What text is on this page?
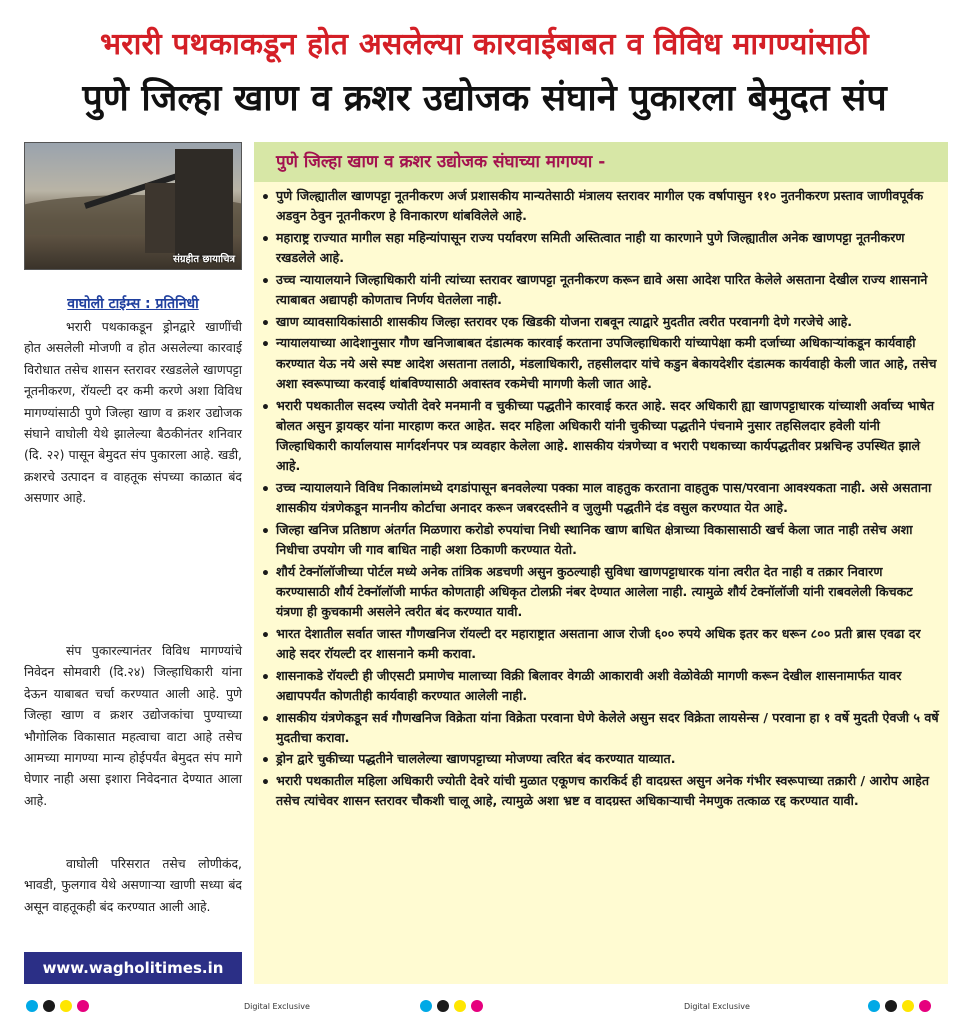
भरारी पथकाकडून होत असलेल्या कारवाईबाबत व विविध मागण्यांसाठी
पुणे जिल्हा खाण व क्रशर उद्योजक संघाने पुकारला बेमुदत संप
संग्रहीत छायाचित्र
वाघोली टाईम्स : प्रतिनिधी

भरारी पथकाकडून ड्रोनद्वारे खाणींची होत असलेली मोजणी व होत असलेल्या कारवाई विरोधात तसेच शासन स्तरावर रखडलेले खाणपट्टा नूतनीकरण, रॉयल्टी दर कमी करणे अशा विविध मागण्यांसाठी पुणे जिल्हा खाण व क्रशर उद्योजक संघाने वाघोली येथे झालेल्या बैठकीनंतर शनिवार (दि. २२) पासून बेमुदत संप पुकारला आहे. खडी, क्रशरचे उत्पादन व वाहतूक संपच्या काळात बंद असणार आहे.

संप पुकारल्यानंतर विविध मागण्यांचे निवेदन सोमवारी (दि.२४) जिल्हाधिकारी यांना देऊन याबाबत चर्चा करण्यात आली आहे. पुणे जिल्हा खाण व क्रशर उद्योजकांचा पुण्याच्या भौगोलिक विकासात महत्वाचा वाटा आहे तसेच आमच्या मागण्या मान्य होईपर्यंत बेमुदत संप मागे घेणार नाही असा इशारा निवेदनात देण्यात आला आहे.

वाघोली परिसरात तसेच लोणीकंद, भावडी, फुलगाव येथे असणाऱ्या खाणी सध्या बंद असून वाहतूकही बंद करण्यात आली आहे.

www.wagholitimes.in
पुणे जिल्हा खाण व क्रशर उद्योजक संघाच्या मागण्या -
• पुणे जिल्ह्यातील खाणपट्टा नूतनीकरण अर्ज प्रशासकीय मान्यतेसाठी मंत्रालय स्तरावर मागील एक वर्षापासुन ११० नुतनीकरण प्रस्ताव जाणीवपूर्वक अडवुन ठेवुन नूतनीकरण हे विनाकारण थांबविलेले आहे.
• महाराष्ट्र राज्यात मागील सहा महिन्यांपासून राज्य पर्यावरण समिती अस्तित्वात नाही या कारणाने पुणे जिल्ह्यातील अनेक खाणपट्टा नूतनीकरण रखडलेले आहे.
• उच्च न्यायालयाने जिल्हाधिकारी यांनी त्यांच्या स्तरावर खाणपट्टा नूतनीकरण करून द्यावे असा आदेश पारित केलेले असताना देखील राज्य शासनाने त्याबाबत अद्यापही कोणताच निर्णय घेतलेला नाही.
• खाण व्यावसायिकांसाठी शासकीय जिल्हा स्तरावर एक खिडकी योजना राबवून त्याद्वारे मुदतीत त्वरीत परवानगी देणे गरजेचे आहे.
• न्यायालयाच्या आदेशानुसार गौण खनिजाबाबत दंडात्मक कारवाई करताना उपजिल्हाधिकारी यांच्यापेक्षा कमी दर्जाच्या अधिकाऱ्यांकडून कार्यवाही करण्यात येऊ नये असे स्पष्ट आदेश असताना तलाठी, मंडलाधिकारी, तहसीलदार यांचे कडुन बेकायदेशीर दंडात्मक कार्यवाही केली जात आहे, तसेच अशा स्वरूपाच्या करवाई थांबविण्यासाठी अवास्तव रकमेची मागणी केली जात आहे.
• भरारी पथकातील सदस्य ज्योती देवरे मनमानी व चुकीच्या पद्धतीने कारवाई करत आहे. सदर अधिकारी ह्या खाणपट्टाधारक यांच्याशी अर्वाच्य भाषेत बोलत असुन ड्रायव्हर यांना मारहाण करत आहेत. सदर महिला अधिकारी यांनी चुकीच्या पद्धतीने पंचनामे नुसार तहसिलदार हवेली यांनी जिल्हाधिकारी कार्यालयास मार्गदर्शनपर पत्र व्यवहार केलेला आहे. शासकीय यंत्रणेच्या व भरारी पथकाच्या कार्यपद्धतीवर प्रश्नचिन्ह उपस्थित झाले आहे.
• उच्च न्यायालयाने विविध निकालांमध्ये दगडांपासून बनवलेल्या पक्का माल वाहतुक करताना वाहतुक पास/परवाना आवश्यकता नाही. असे असताना शासकीय यंत्रणेकडून माननीय कोर्टाचा अनादर करून जबरदस्तीने व जुलुमी पद्धतीने दंड वसुल करण्यात येत आहे.
• जिल्हा खनिज प्रतिष्ठाण अंतर्गत मिळणारा करोडो रुपयांचा निधी स्थानिक खाण बाधित क्षेत्राच्या विकासासाठी खर्च केला जात नाही तसेच अशा निधीचा उपयोग जी गाव बाधित नाही अशा ठिकाणी करण्यात येतो.
• शौर्य टेक्नॉलॉजीच्या पोर्टल मध्ये अनेक तांत्रिक अडचणी असुन कुठल्याही सुविधा खाणपट्टाधारक यांना त्वरीत देत नाही व तक्रार निवारण करण्यासाठी शौर्य टेक्नॉलॉजी मार्फत कोणताही अधिकृत टोलफ्री नंबर देण्यात आलेला नाही. त्यामुळे शौर्य टेक्नॉलॉजी यांनी राबवलेली किचकट यंत्रणा ही कुचकामी असलेने त्वरीत बंद करण्यात यावी.
• भारत देशातील सर्वात जास्त गौणखनिज रॉयल्टी दर महाराष्ट्रात असताना आज रोजी ६०० रुपये अधिक इतर कर धरून ८०० प्रती ब्रास एवढा दर आहे सदर रॉयल्टी दर शासनाने कमी करावा.
• शासनाकडे रॉयल्टी ही जीएसटी प्रमाणेच मालाच्या विक्री बिलावर वेगळी आकारावी अशी वेळोवेळी मागणी करून देखील शासनामार्फत यावर अद्यापपर्यंत कोणतीही कार्यवाही करण्यात आलेली नाही.
• शासकीय यंत्रणेकडून सर्व गौणखनिज विक्रेता यांना विक्रेता परवाना घेणे केलेले असुन सदर विक्रेता लायसेन्स / परवाना हा १ वर्षे मुदती ऐवजी ५ वर्षे मुदतीचा करावा.
• ड्रोन द्वारे चुकीच्या पद्धतीने चाललेल्या खाणपट्टाच्या मोजण्या त्वरित बंद करण्यात याव्यात.
• भरारी पथकातील महिला अधिकारी ज्योती देवरे यांची मुळात एकूणच कारकिर्द ही वादग्रस्त असुन अनेक गंभीर स्वरूपाच्या तक्रारी / आरोप आहेत तसेच त्यांचेवर शासन स्तरावर चौकशी चालू आहे, त्यामुळे अशा भ्रष्ट व वादग्रस्त अधिकाऱ्याची नेमणुक तत्काळ रद्द करण्यात यावी.
Digital Exclusive	Digital Exclusive
